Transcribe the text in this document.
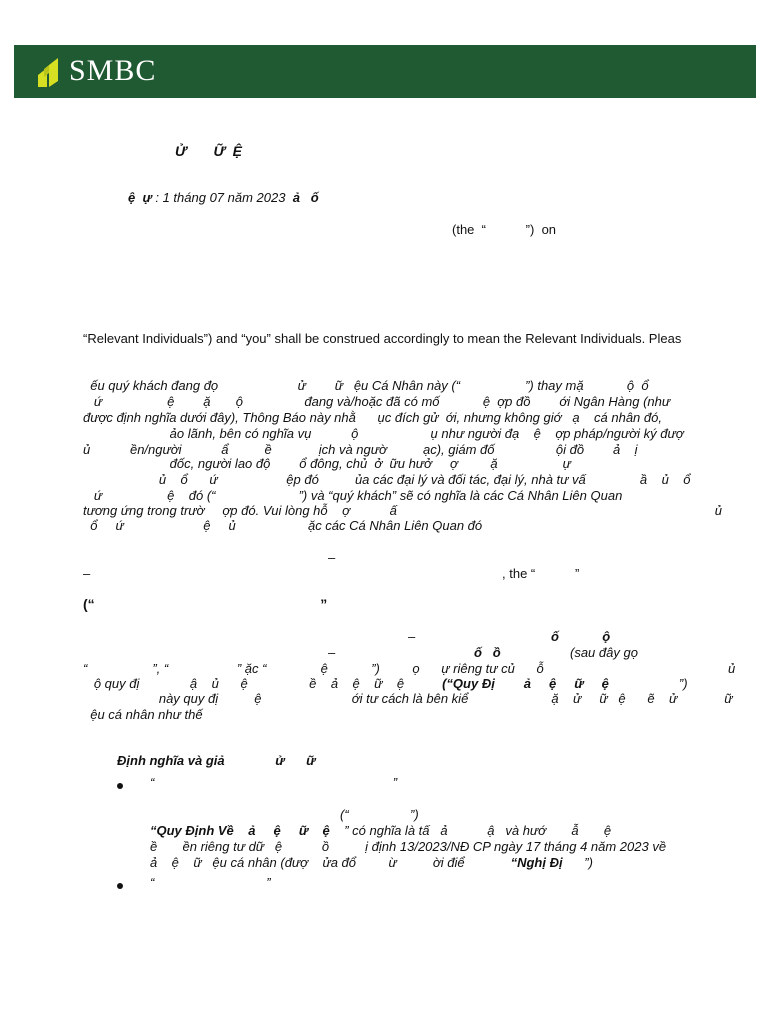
SMBC
Ử       Ữ  Ệ
ệ  ự : 1 tháng 07 năm 2023  ả   ố
(the  “           ”)  on
“Relevant Individuals”) and “you” shall be construed accordingly to mean the Relevant Individuals. Pleas
ếu quý khách đang đọ                      ử        ữ   ệu Cá Nhân này (“                  ”) thay mặ            ộ  ổ
ứ                  ệ        ặ       ộ                 đang và/hoặc đã có mố            ệ  ợp đồ        ới Ngân Hàng (như
được định nghĩa dưới đây), Thông Báo này nhằ      ục đích gử  ới, nhưng không giớ   ạ    cá nhân đó,
ảo lãnh, bên có nghĩa vụ           ộ                    ụ như người đạ    ệ    ợp pháp/người ký đượ
ủ           ền/người           ẩ          ề             ịch và ngườ          ạc), giám đố                 ội đồ        ả    ị
đốc, người lao độ        ổ đông, chủ  ở  ữu hưở     ợ         ặ                  ự
ủ    ổ      ứ                   ệp đó          ủa các đại lý và đối tác, đại lý, nhà tư vấ               ầ    ủ    ổ
ứ                  ệ    đó (“                       ”) và “quý khách” sẽ có nghĩa là các Cá Nhân Liên Quan
tương ứng trong trườ     ợp đó. Vui lòng hỗ    ợ           ấ                                                                                        ủ
ổ     ứ                      ệ     ủ                    ặc các Cá Nhân Liên Quan đó
–
–	, the “           ”
(“                                                          ”
–	ố            ộ
–	ố   ồ	(sau đây gọ
“                  ”, “                   ” ặc “               ệ            ”)         ọ      ự riêng tư củ      ỗ                                                   ủ
ộ quy đị              ậ    ủ      ệ                 ề    ả    ệ    ữ    ệ	(“Quy Đị        ả     ệ     ữ     ệ	”)
này quy đị          ệ                         ới tư cách là bên kiể                       ặ    ử     ữ   ệ      ẽ    ử             ữ
ệu cá nhân như thế
Định nghĩa và giả              ử      ữ
“                                                                  ”
(“                 ”)
“Quy Định Về    ả     ệ     ữ    ệ    ” có nghĩa là tấ   ả           ậ   và hướ       ẫ       ệ
ề       ền riêng tư dữ   ệ           ồ          ị định 13/2023/NĐ CP ngày 17 tháng 4 năm 2023 về
ả    ệ    ữ   ệu cá nhân (đượ    ửa đổ         ừ          ời điể	“Nghị Đị      ”)
“                               ”
